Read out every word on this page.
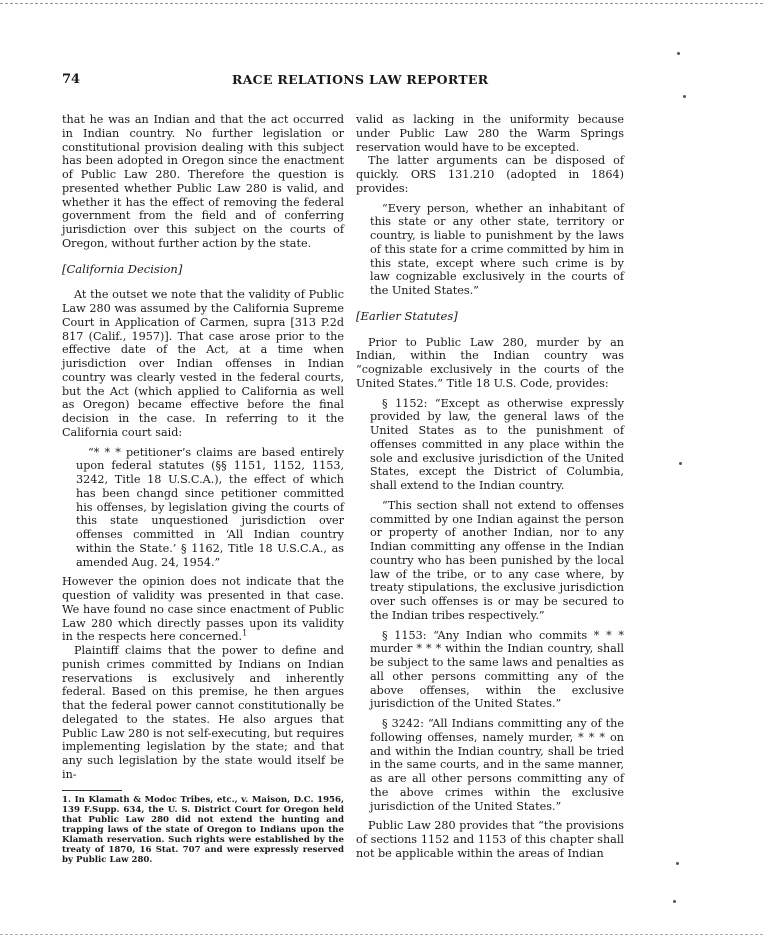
74	RACE RELATIONS LAW REPORTER

that he was an Indian and that the act occurred in Indian country. No further legislation or constitutional provision dealing with this subject has been adopted in Oregon since the enactment of Public Law 280. Therefore the question is presented whether Public Law 280 is valid, and whether it has the effect of removing the federal government from the field and of conferring jurisdiction over this subject on the courts of Oregon, without further action by the state.

[California Decision]

At the outset we note that the validity of Public Law 280 was assumed by the California Supreme Court in Application of Carmen, supra [313 P.2d 817 (Calif., 1957)]. That case arose prior to the effective date of the Act, at a time when jurisdiction over Indian offenses in Indian country was clearly vested in the federal courts, but the Act (which applied to California as well as Oregon) became effective before the final decision in the case. In referring to it the California court said:

“* * * petitioner’s claims are based entirely upon federal statutes (§§ 1151, 1152, 1153, 3242, Title 18 U.S.C.A.), the effect of which has been changd since petitioner committed his offenses, by legislation giving the courts of this state unquestioned jurisdiction over offenses committed in ‘All Indian country within the State.’ § 1162, Title 18 U.S.C.A., as amended Aug. 24, 1954.”

However the opinion does not indicate that the question of validity was presented in that case. We have found no case since enactment of Public Law 280 which directly passes upon its validity in the respects here concerned.$^1$

Plaintiff claims that the power to define and punish crimes committed by Indians on Indian reservations is exclusively and inherently federal. Based on this premise, he then argues that the federal power cannot constitutionally be delegated to the states. He also argues that Public Law 280 is not self-executing, but requires implementing legislation by the state; and that any such legislation by the state would itself be in-

1. In Klamath & Modoc Tribes, etc., v. Maison, D.C. 1956, 139 F.Supp. 634, the U. S. District Court for Oregon held that Public Law 280 did not extend the hunting and trapping laws of the state of Oregon to Indians upon the Klamath reservation. Such rights were established by the treaty of 1870, 16 Stat. 707 and were expressly reserved by Public Law 280.

valid as lacking in the uniformity because under Public Law 280 the Warm Springs reservation would have to be excepted.

The latter arguments can be disposed of quickly. ORS 131.210 (adopted in 1864) provides:

“Every person, whether an inhabitant of this state or any other state, territory or country, is liable to punishment by the laws of this state for a crime committed by him in this state, except where such crime is by law cognizable exclusively in the courts of the United States.”

[Earlier Statutes]

Prior to Public Law 280, murder by an Indian, within the Indian country was “cognizable exclusively in the courts of the United States.” Title 18 U.S. Code, provides:

§ 1152: “Except as otherwise expressly provided by law, the general laws of the United States as to the punishment of offenses committed in any place within the sole and exclusive jurisdiction of the United States, except the District of Columbia, shall extend to the Indian country.

“This section shall not extend to offenses committed by one Indian against the person or property of another Indian, nor to any Indian committing any offense in the Indian country who has been punished by the local law of the tribe, or to any case where, by treaty stipulations, the exclusive jurisdiction over such offenses is or may be secured to the Indian tribes respectively.”

§ 1153: “Any Indian who commits * * * murder * * * within the Indian country, shall be subject to the same laws and penalties as all other persons committing any of the above offenses, within the exclusive jurisdiction of the United States.”

§ 3242: “All Indians committing any of the following offenses, namely murder, * * * on and within the Indian country, shall be tried in the same courts, and in the same manner, as are all other persons committing any of the above crimes within the exclusive jurisdiction of the United States.”

Public Law 280 provides that “the provisions of sections 1152 and 1153 of this chapter shall not be applicable within the areas of Indian
